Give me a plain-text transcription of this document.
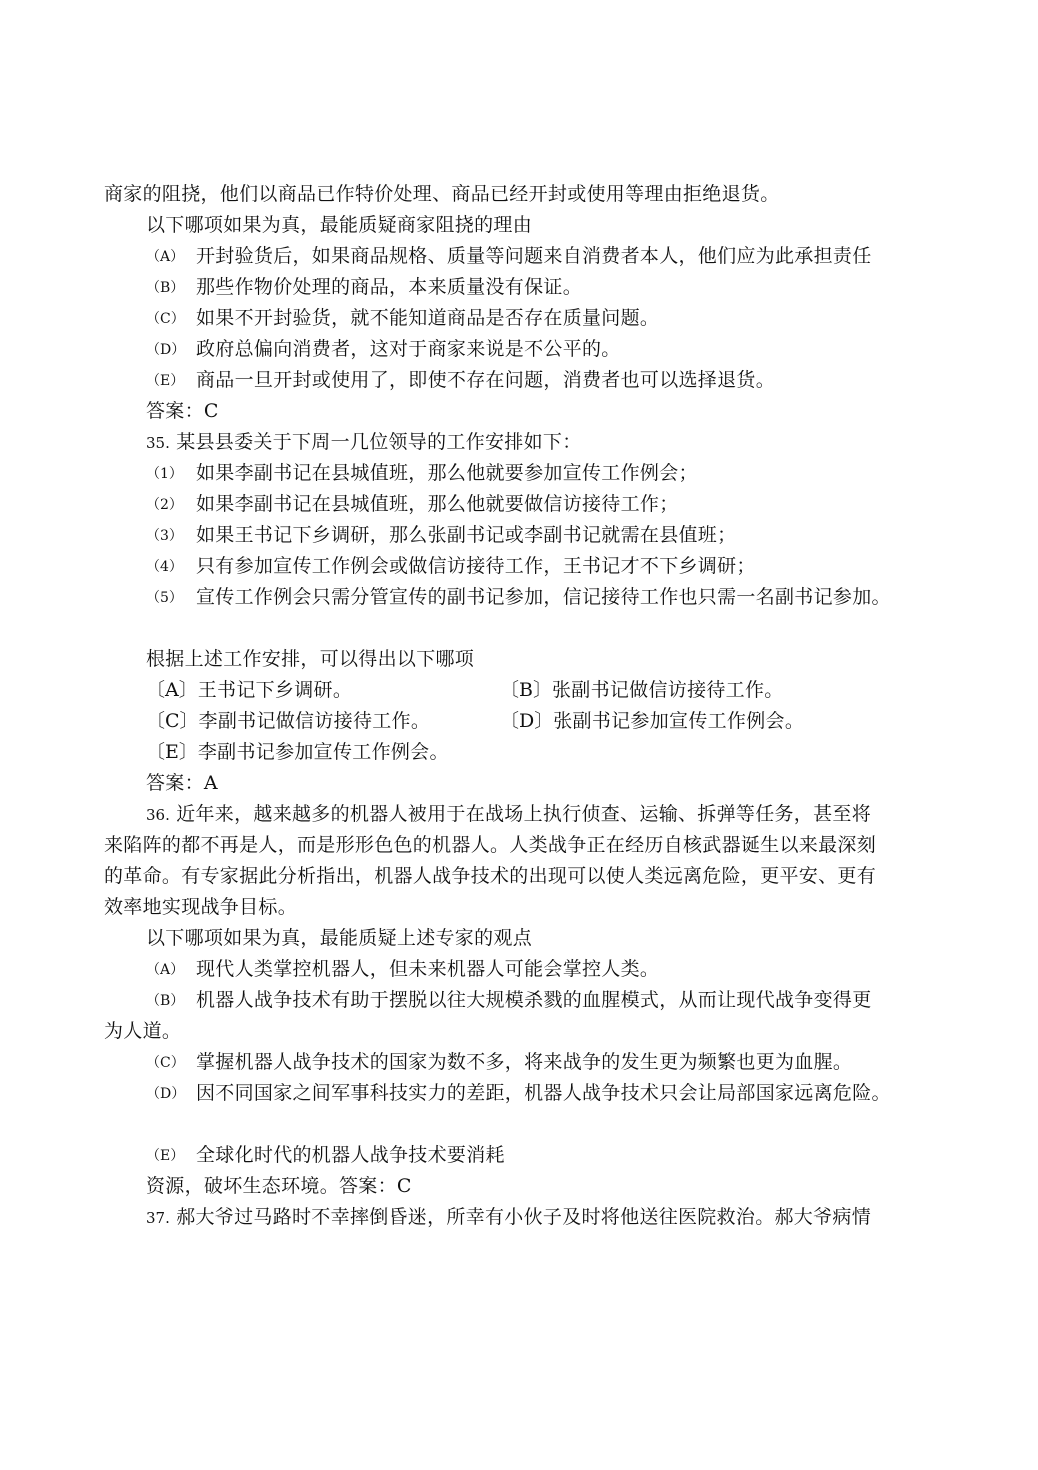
商家的阻挠，他们以商品已作特价处理、商品已经开封或使用等理由拒绝退货。
以下哪项如果为真，最能质疑商家阻挠的理由
（A） 开封验货后，如果商品规格、质量等问题来自消费者本人，他们应为此承担责任
（B） 那些作物价处理的商品，本来质量没有保证。
（C） 如果不开封验货，就不能知道商品是否存在质量问题。
（D） 政府总偏向消费者，这对于商家来说是不公平的。
（E） 商品一旦开封或使用了，即使不存在问题，消费者也可以选择退货。
答案：C
35. 某县县委关于下周一几位领导的工作安排如下：
（1） 如果李副书记在县城值班，那么他就要参加宣传工作例会；
（2） 如果李副书记在县城值班，那么他就要做信访接待工作；
（3） 如果王书记下乡调研，那么张副书记或李副书记就需在县值班；
（4） 只有参加宣传工作例会或做信访接待工作，王书记才不下乡调研；
（5） 宣传工作例会只需分管宣传的副书记参加，信记接待工作也只需一名副书记参加。
根据上述工作安排，可以得出以下哪项
〔A〕王书记下乡调研。	〔B〕张副书记做信访接待工作。
〔C〕李副书记做信访接待工作。	〔D〕张副书记参加宣传工作例会。
〔E〕李副书记参加宣传工作例会。
答案：A
36. 近年来，越来越多的机器人被用于在战场上执行侦查、运输、拆弹等任务，甚至将
来陷阵的都不再是人，而是形形色色的机器人。人类战争正在经历自核武器诞生以来最深刻
的革命。有专家据此分析指出，机器人战争技术的出现可以使人类远离危险，更平安、更有
效率地实现战争目标。
以下哪项如果为真，最能质疑上述专家的观点
（A） 现代人类掌控机器人，但未来机器人可能会掌控人类。
（B） 机器人战争技术有助于摆脱以往大规模杀戮的血腥模式，从而让现代战争变得更
为人道。
（C） 掌握机器人战争技术的国家为数不多，将来战争的发生更为频繁也更为血腥。
（D） 因不同国家之间军事科技实力的差距，机器人战争技术只会让局部国家远离危险。
（E） 全球化时代的机器人战争技术要消耗
资源，破坏生态环境。答案：C
37. 郝大爷过马路时不幸摔倒昏迷，所幸有小伙子及时将他送往医院救治。郝大爷病情
